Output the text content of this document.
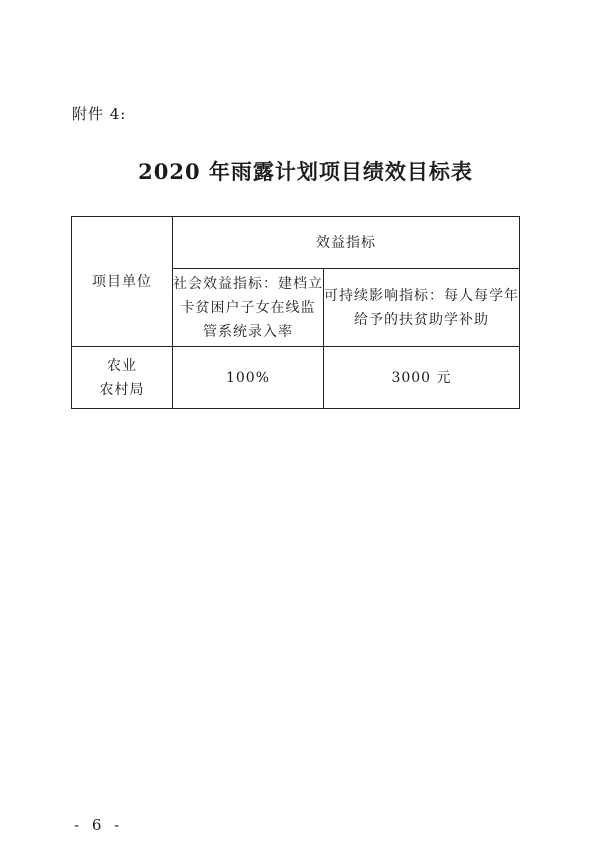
附件 4:
2020 年雨露计划项目绩效目标表
项目单位	效益指标	
	社会效益指标：建档立
卡贫困户子女在线监
管系统录入率	可持续影响指标：每人每学年
给予的扶贫助学补助
农业
农村局	100%	3000 元
- 6 -
